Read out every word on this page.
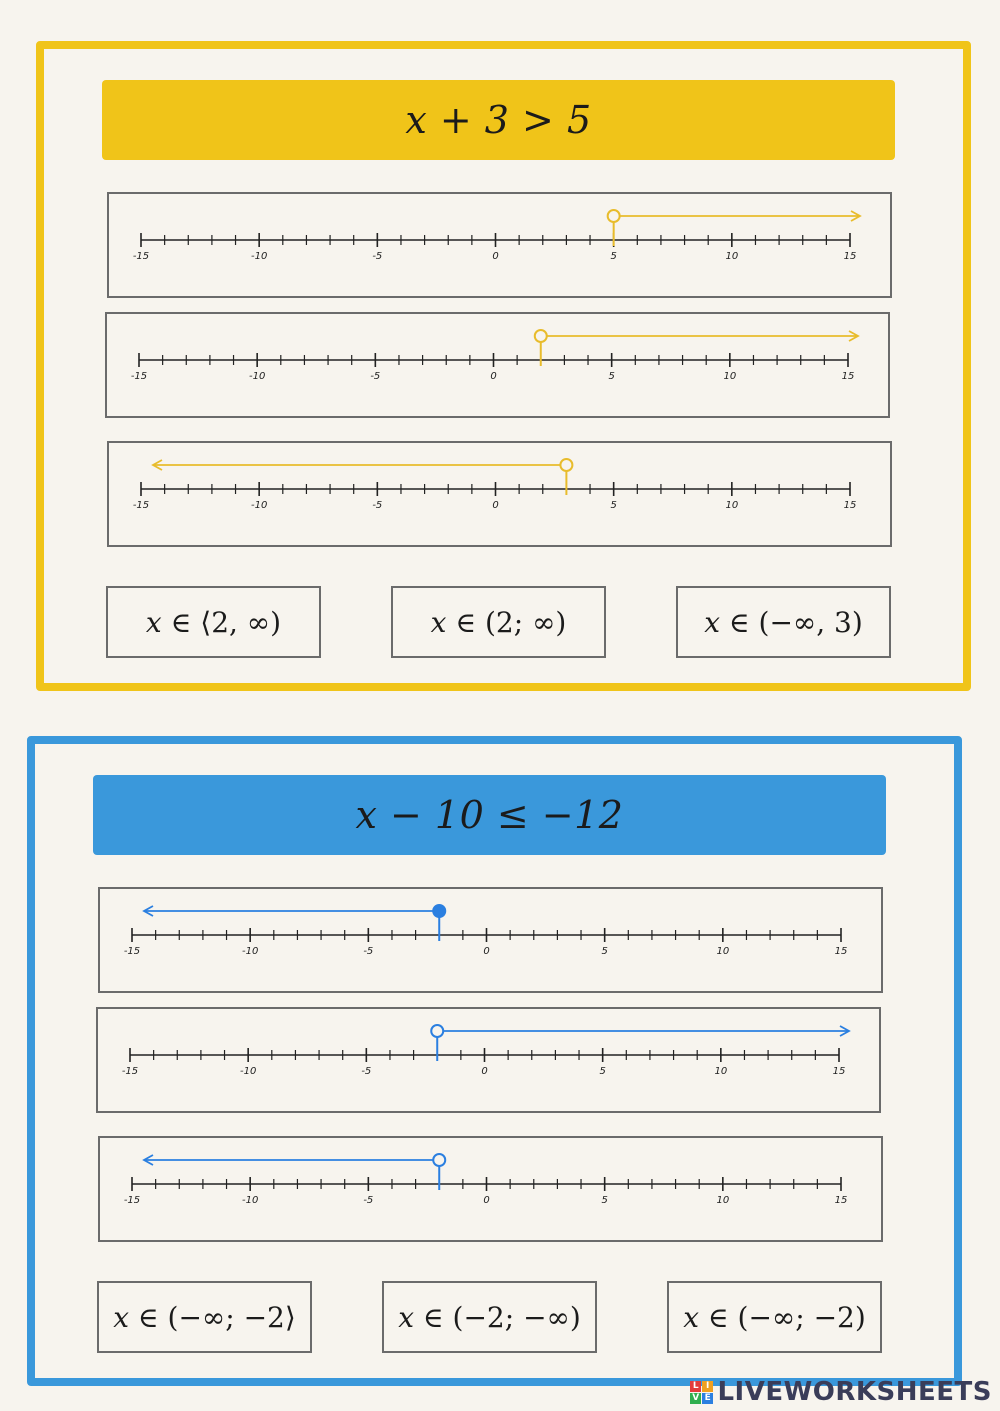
x + 3 > 5
-15	-10	-5	0	5	10	15
-15	-10	-5	0	5	10	15
-15	-10	-5	0	5	10	15
x
∈
⟨2, ∞)	x
∈
(2; ∞)	x
∈
(−∞, 3)
x − 10 ≤ −12
-15	-10	-5	0	5	10	15
-15	-10	-5	0	5	10	15
-15	-10	-5	0	5	10	15
x
∈
(−∞; −2⟩	x
∈
(−2; −∞)	x
∈
(−∞; −2)
L I
V E LIVEWORKSHEETS
